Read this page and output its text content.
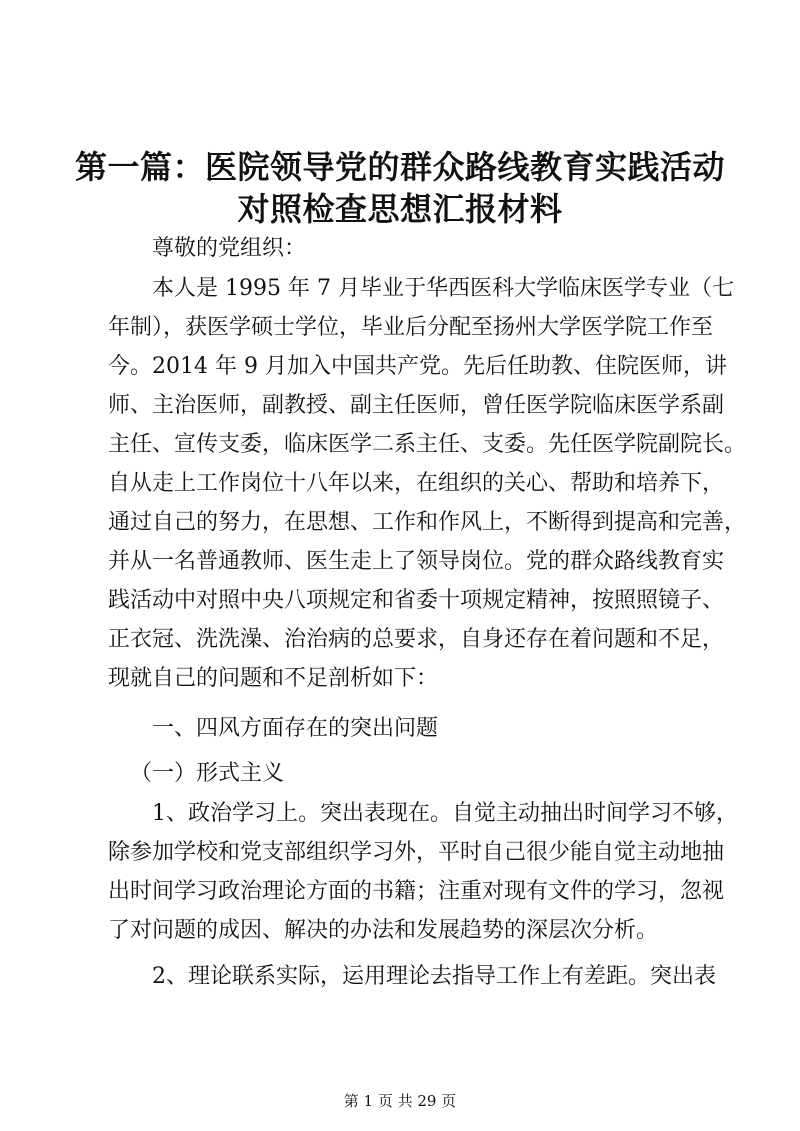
第一篇：医院领导党的群众路线教育实践活动
对照检查思想汇报材料
尊敬的党组织：
本人是 1995 年 7 月毕业于华西医科大学临床医学专业（七
年制），获医学硕士学位，毕业后分配至扬州大学医学院工作至
今。2014 年 9 月加入中国共产党。先后任助教、住院医师，讲
师、主治医师，副教授、副主任医师，曾任医学院临床医学系副
主任、宣传支委，临床医学二系主任、支委。先任医学院副院长。
自从走上工作岗位十八年以来，在组织的关心、帮助和培养下，
通过自己的努力，在思想、工作和作风上，不断得到提高和完善，
并从一名普通教师、医生走上了领导岗位。党的群众路线教育实
践活动中对照中央八项规定和省委十项规定精神，按照照镜子、
正衣冠、洗洗澡、治治病的总要求，自身还存在着问题和不足，
现就自己的问题和不足剖析如下：
一、四风方面存在的突出问题
（一）形式主义
1、政治学习上。突出表现在。自觉主动抽出时间学习不够，
除参加学校和党支部组织学习外，平时自己很少能自觉主动地抽
出时间学习政治理论方面的书籍；注重对现有文件的学习，忽视
了对问题的成因、解决的办法和发展趋势的深层次分析。
2、理论联系实际，运用理论去指导工作上有差距。突出表
第 1 页 共 29 页
